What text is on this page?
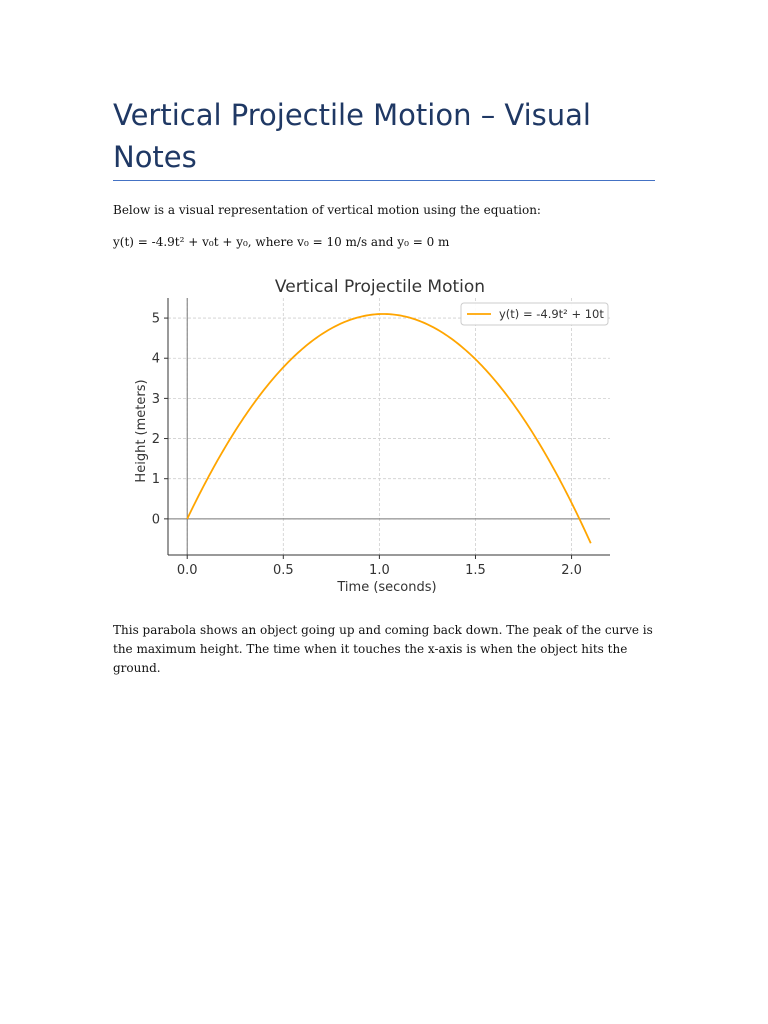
Vertical Projectile Motion – Visual Notes
Below is a visual representation of vertical motion using the equation:
y(t) = -4.9t² + v₀t + y₀, where v₀ = 10 m/s and y₀ = 0 m
0.0	0.5	1.0	1.5	2.0
0
1
2
3
4
5
Vertical Projectile Motion
Time (seconds)
Height (meters)
y(t) = -4.9t² + 10t
This parabola shows an object going up and coming back down. The peak of the curve is the maximum height. The time when it touches the x-axis is when the object hits the ground.
